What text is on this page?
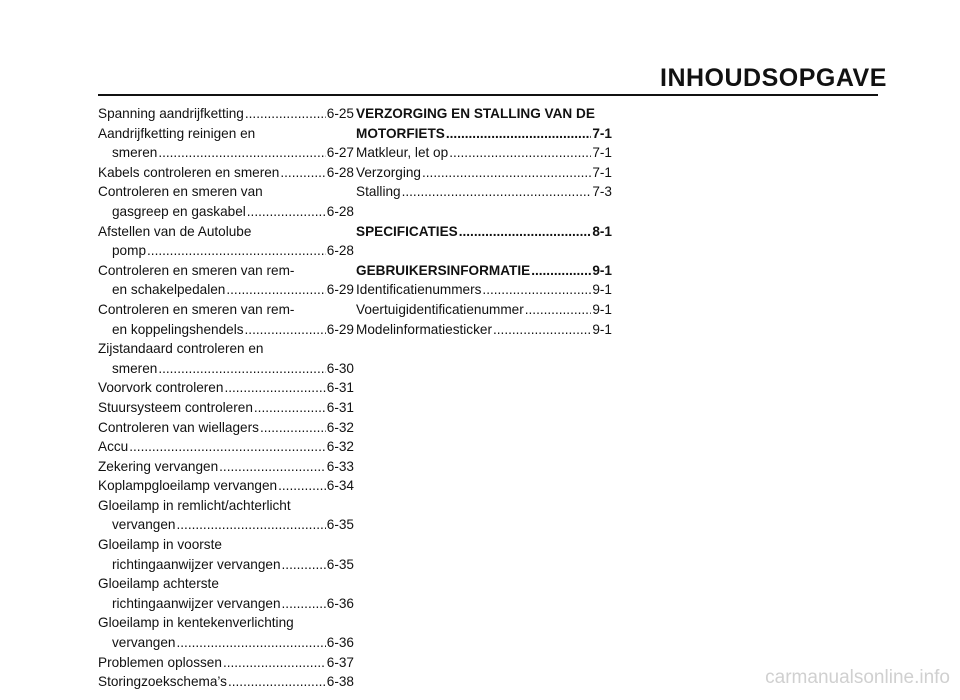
INHOUDSOPGAVE
Spanning aandrijfketting .....	6-25
Aandrijfketting reinigen en
smeren .....	6-27
Kabels controleren en smeren .....	6-28
Controleren en smeren van
gasgreep en gaskabel .....	6-28
Afstellen van de Autolube
pomp .....	6-28
Controleren en smeren van rem-
en schakelpedalen .....	6-29
Controleren en smeren van rem-
en koppelingshendels .....	6-29
Zijstandaard controleren en
smeren .....	6-30
Voorvork controleren .....	6-31
Stuursysteem controleren .....	6-31
Controleren van wiellagers .....	6-32
Accu .....	6-32
Zekering vervangen .....	6-33
Koplampgloeilamp vervangen .....	6-34
Gloeilamp in remlicht/achterlicht
vervangen .....	6-35
Gloeilamp in voorste
richtingaanwijzer vervangen .....	6-35
Gloeilamp achterste
richtingaanwijzer vervangen .....	6-36
Gloeilamp in kentekenverlichting
vervangen .....	6-36
Problemen oplossen .....	6-37
Storingzoekschema’s .....	6-38
VERZORGING EN STALLING VAN DE
MOTORFIETS .....	7-1
Matkleur, let op .....	7-1
Verzorging .....	7-1
Stalling .....	7-3
SPECIFICATIES .....	8-1
GEBRUIKERSINFORMATIE .....	9-1
Identificatienummers .....	9-1
Voertuigidentificatienummer .....	9-1
Modelinformatiesticker .....	9-1
carmanualsonline.info
